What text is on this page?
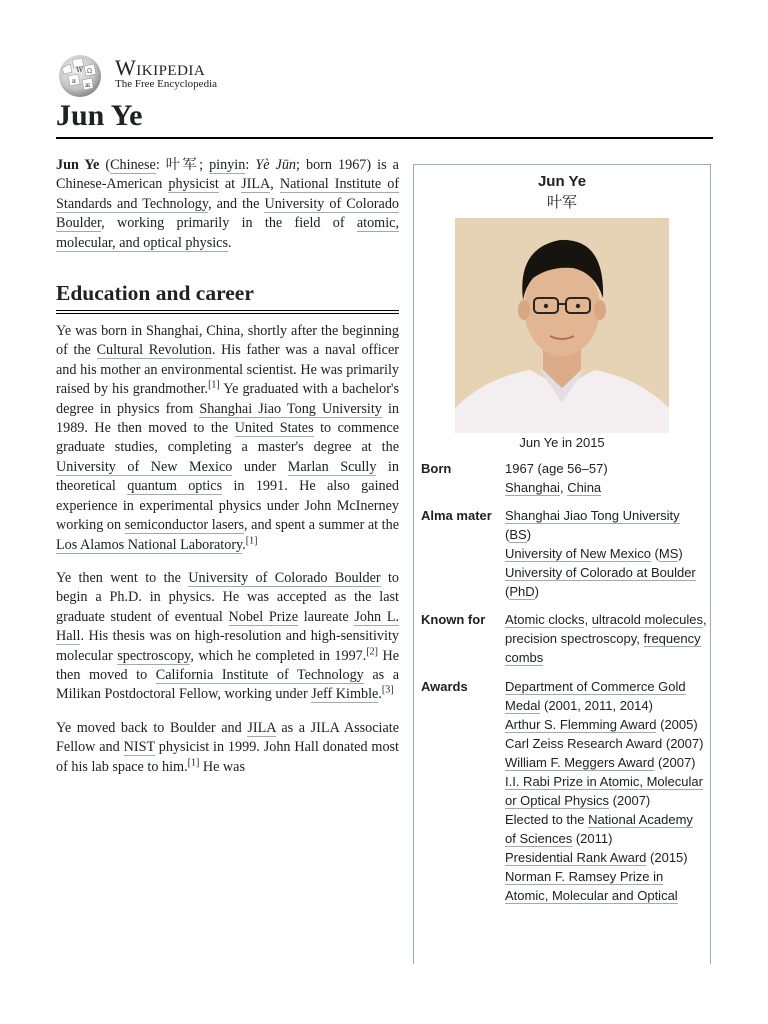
W Ω
и
ж
Wikipedia
The Free Encyclopedia
Jun Ye

Jun Ye (Chinese: 叶军; pinyin: Yè Jūn; born 1967) is a Chinese-American physicist at JILA, National Institute of Standards and Technology, and the University of Colorado Boulder, working primarily in the field of atomic, molecular, and optical physics.

Education and career

Ye was born in Shanghai, China, shortly after the beginning of the Cultural Revolution. His father was a naval officer and his mother an environmental scientist. He was primarily raised by his grandmother.[1] Ye graduated with a bachelor's degree in physics from Shanghai Jiao Tong University in 1989. He then moved to the United States to commence graduate studies, completing a master's degree at the University of New Mexico under Marlan Scully in theoretical quantum optics in 1991. He also gained experience in experimental physics under John McInerney working on semiconductor lasers, and spent a summer at the Los Alamos National Laboratory.[1]

Ye then went to the University of Colorado Boulder to begin a Ph.D. in physics. He was accepted as the last graduate student of eventual Nobel Prize laureate John L. Hall. His thesis was on high-resolution and high-sensitivity molecular spectroscopy, which he completed in 1997.[2] He then moved to California Institute of Technology as a Milikan Postdoctoral Fellow, working under Jeff Kimble.[3]

Ye moved back to Boulder and JILA as a JILA Associate Fellow and NIST physicist in 1999. John Hall donated most of his lab space to him.[1] He was

Jun Ye
叶军
Jun Ye in 2015
Born	1967 (age 56–57)
Shanghai, China
Alma mater	Shanghai Jiao Tong University (BS)
University of New Mexico (MS)
University of Colorado at Boulder (PhD)
Known for	Atomic clocks, ultracold molecules, precision spectroscopy, frequency combs
Awards	Department of Commerce Gold Medal (2001, 2011, 2014)
Arthur S. Flemming Award (2005)
Carl Zeiss Research Award (2007)
William F. Meggers Award (2007)
I.I. Rabi Prize in Atomic, Molecular or Optical Physics (2007)
Elected to the National Academy of Sciences (2011)
Presidential Rank Award (2015)
Norman F. Ramsey Prize in Atomic, Molecular and Optical
